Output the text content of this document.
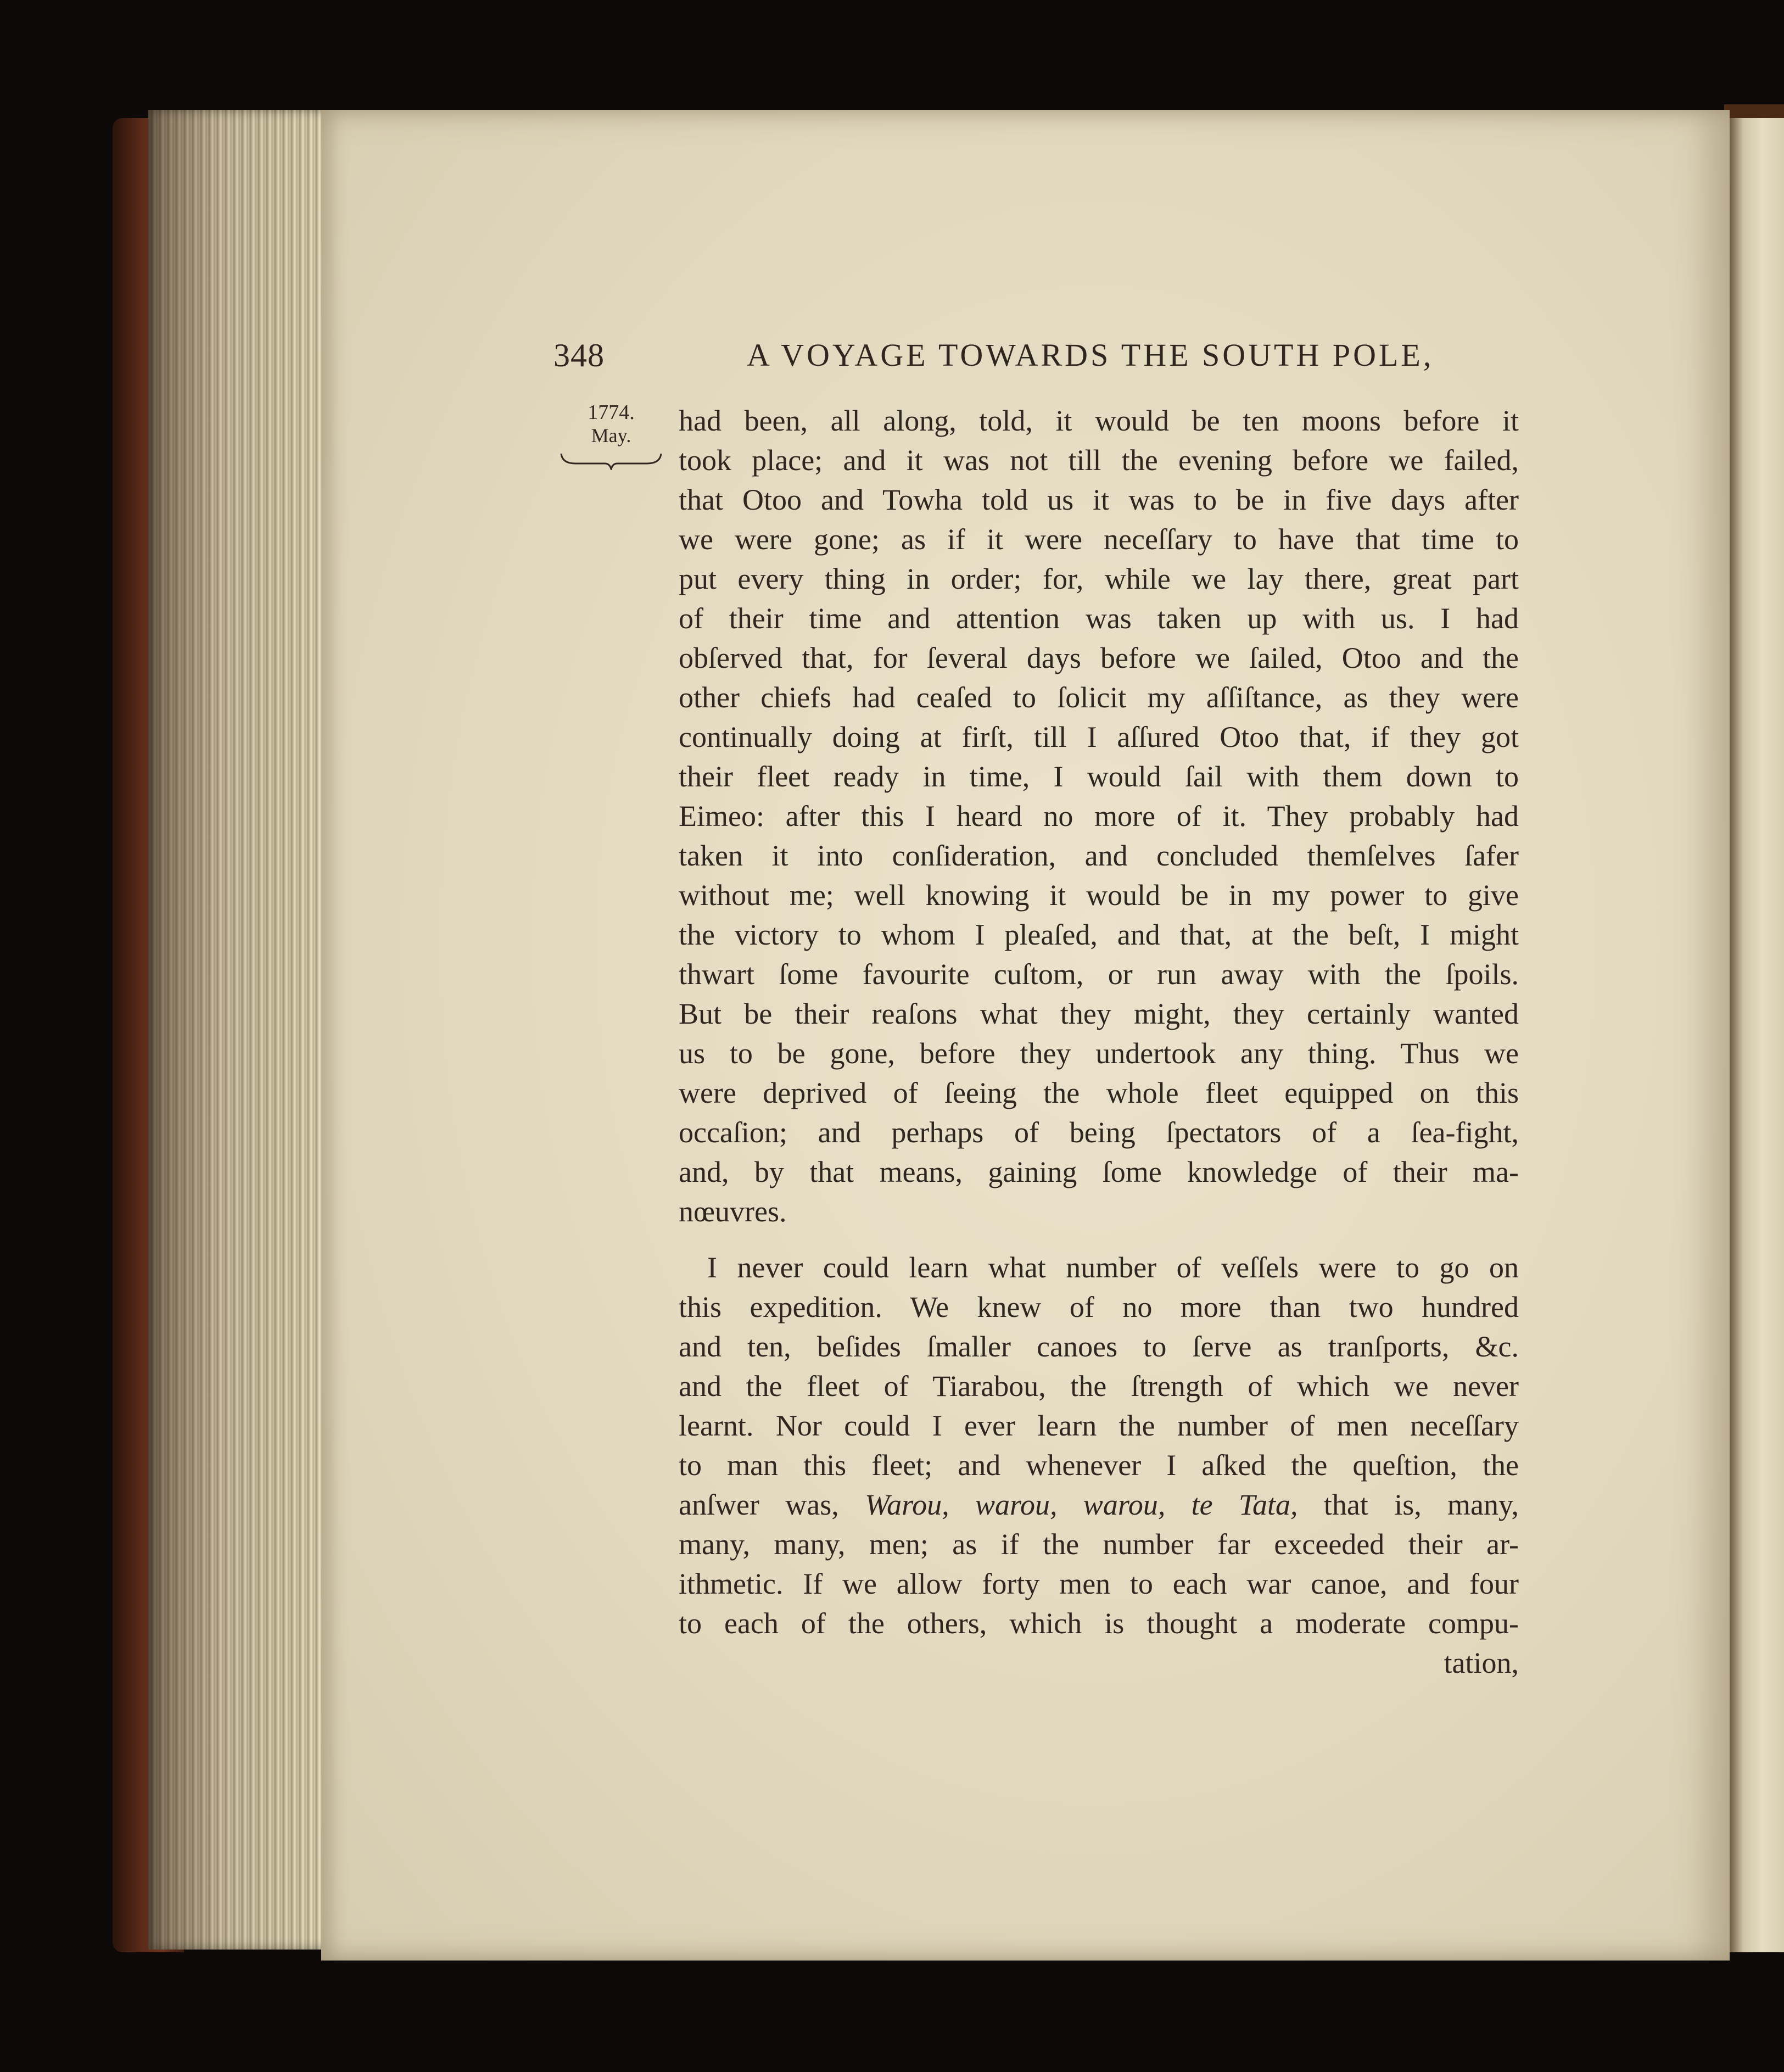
348	A VOYAGE TOWARDS THE SOUTH POLE,
1774.
May.	had been, all along, told, it would be ten moons before it
took place; and it was not till the evening before we failed,
that Otoo and Towha told us it was to be in five days after
we were gone; as if it were neceſſary to have that time to
put every thing in order; for, while we lay there, great part
of their time and attention was taken up with us. I had
obſerved that, for ſeveral days before we ſailed, Otoo and the
other chiefs had ceaſed to ſolicit my aſſiſtance, as they were
continually doing at firſt, till I aſſured Otoo that, if they got
their fleet ready in time, I would ſail with them down to
Eimeo: after this I heard no more of it. They probably had
taken it into conſideration, and concluded themſelves ſafer
without me; well knowing it would be in my power to give
the victory to whom I pleaſed, and that, at the beſt, I might
thwart ſome favourite cuſtom, or run away with the ſpoils.
But be their reaſons what they might, they certainly wanted
us to be gone, before they undertook any thing. Thus we
were deprived of ſeeing the whole fleet equipped on this
occaſion; and perhaps of being ſpectators of a ſea-fight,
and, by that means, gaining ſome knowledge of their ma-
nœuvres.
I never could learn what number of veſſels were to go on
this expedition. We knew of no more than two hundred
and ten, beſides ſmaller canoes to ſerve as tranſports, &c.
and the fleet of Tiarabou, the ſtrength of which we never
learnt. Nor could I ever learn the number of men neceſſary
to man this fleet; and whenever I aſked the queſtion, the
anſwer was, Warou, warou, warou, te Tata, that is, many,
many, many, men; as if the number far exceeded their ar-
ithmetic. If we allow forty men to each war canoe, and four
to each of the others, which is thought a moderate compu-
tation,
